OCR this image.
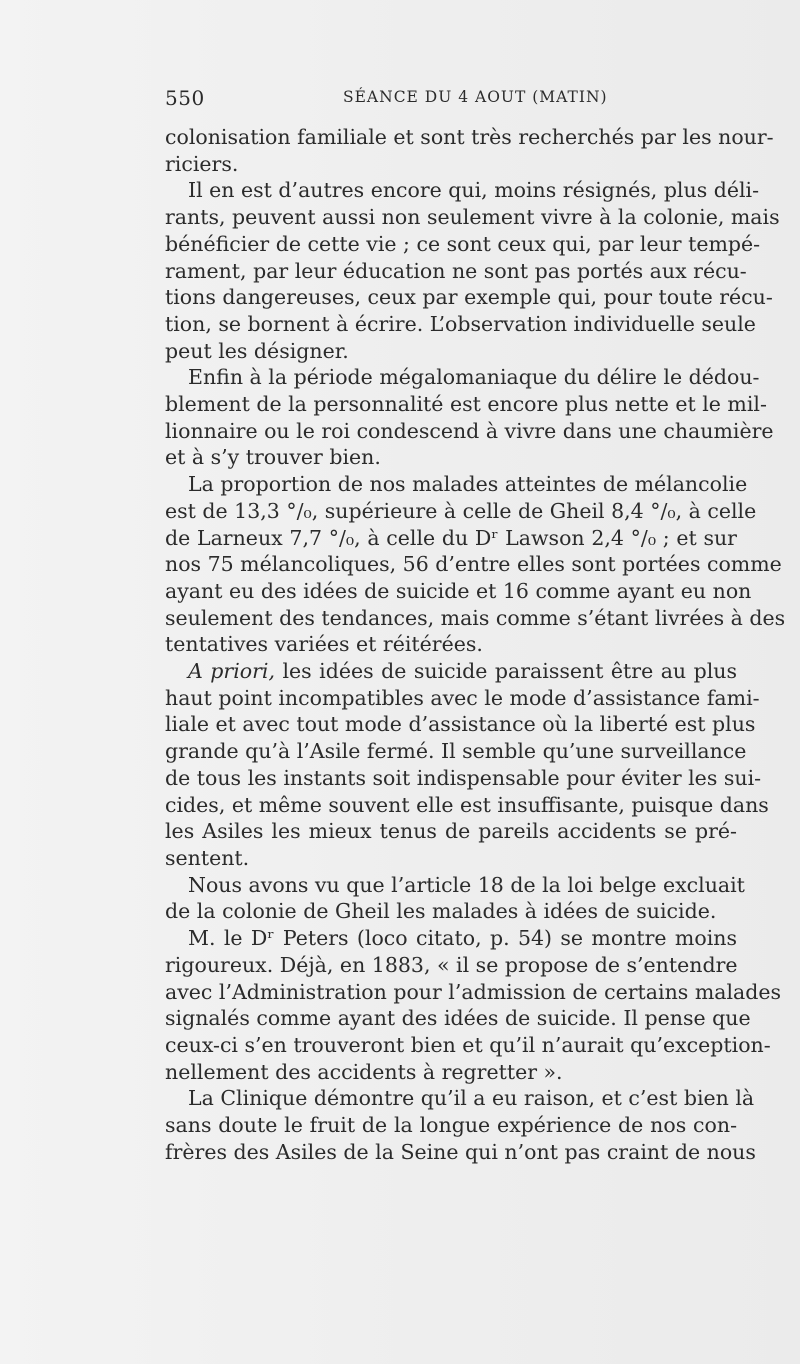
550	SÉANCE DU 4 AOUT (MATIN)
colonisation familiale et sont très recherchés par les nour-
riciers.
Il en est d’autres encore qui, moins résignés, plus déli-
rants, peuvent aussi non seulement vivre à la colonie, mais
bénéficier de cette vie ; ce sont ceux qui, par leur tempé-
rament, par leur éducation ne sont pas portés aux récu-
tions dangereuses, ceux par exemple qui, pour toute récu-
tion, se bornent à écrire. L’observation individuelle seule
peut les désigner.
Enfin à la période mégalomaniaque du délire le dédou-
blement de la personnalité est encore plus nette et le mil-
lionnaire ou le roi condescend à vivre dans une chaumière
et à s’y trouver bien.
La proportion de nos malades atteintes de mélancolie
est de 13,3 °/₀, supérieure à celle de Gheil 8,4 °/₀, à celle
de Larneux 7,7 °/₀, à celle du Dʳ Lawson 2,4 °/₀ ; et sur
nos 75 mélancoliques, 56 d’entre elles sont portées comme
ayant eu des idées de suicide et 16 comme ayant eu non
seulement des tendances, mais comme s’étant livrées à des
tentatives variées et réitérées.
A priori, les idées de suicide paraissent être au plus
haut point incompatibles avec le mode d’assistance fami-
liale et avec tout mode d’assistance où la liberté est plus
grande qu’à l’Asile fermé. Il semble qu’une surveillance
de tous les instants soit indispensable pour éviter les sui-
cides, et même souvent elle est insuffisante, puisque dans
les Asiles les mieux tenus de pareils accidents se pré-
sentent.
Nous avons vu que l’article 18 de la loi belge excluait
de la colonie de Gheil les malades à idées de suicide.
M. le Dʳ Peters (loco citato, p. 54) se montre moins
rigoureux. Déjà, en 1883, « il se propose de s’entendre
avec l’Administration pour l’admission de certains malades
signalés comme ayant des idées de suicide. Il pense que
ceux-ci s’en trouveront bien et qu’il n’aurait qu’exception-
nellement des accidents à regretter ».
La Clinique démontre qu’il a eu raison, et c’est bien là
sans doute le fruit de la longue expérience de nos con-
frères des Asiles de la Seine qui n’ont pas craint de nous
